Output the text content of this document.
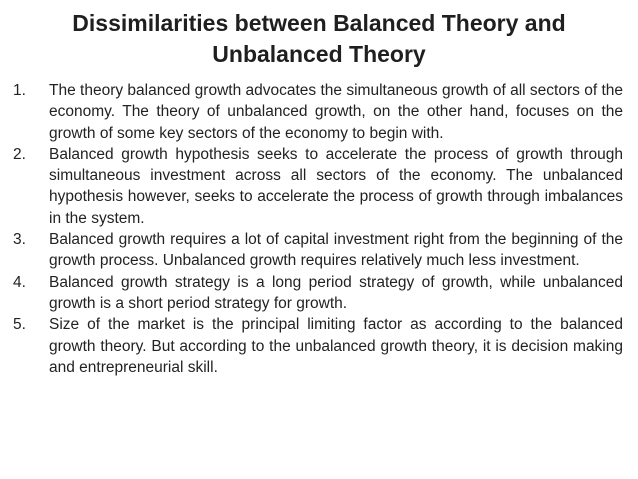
Dissimilarities between Balanced Theory and Unbalanced Theory
1.	The theory balanced growth advocates the simultaneous growth of all sectors of the economy. The theory of unbalanced growth, on the other hand, focuses on the growth of some key sectors of the economy to begin with.
2.	Balanced growth hypothesis seeks to accelerate the process of growth through simultaneous investment across all sectors of the economy. The unbalanced hypothesis however, seeks to accelerate the process of growth through imbalances in the system.
3.	Balanced growth requires a lot of capital investment right from the beginning of the growth process. Unbalanced growth requires relatively much less investment.
4.	Balanced growth strategy is a long period strategy of growth, while unbalanced growth is a short period strategy for growth.
5.	Size of the market is the principal limiting factor as according to the balanced growth theory. But according to the unbalanced growth theory, it is decision making and entrepreneurial skill.
